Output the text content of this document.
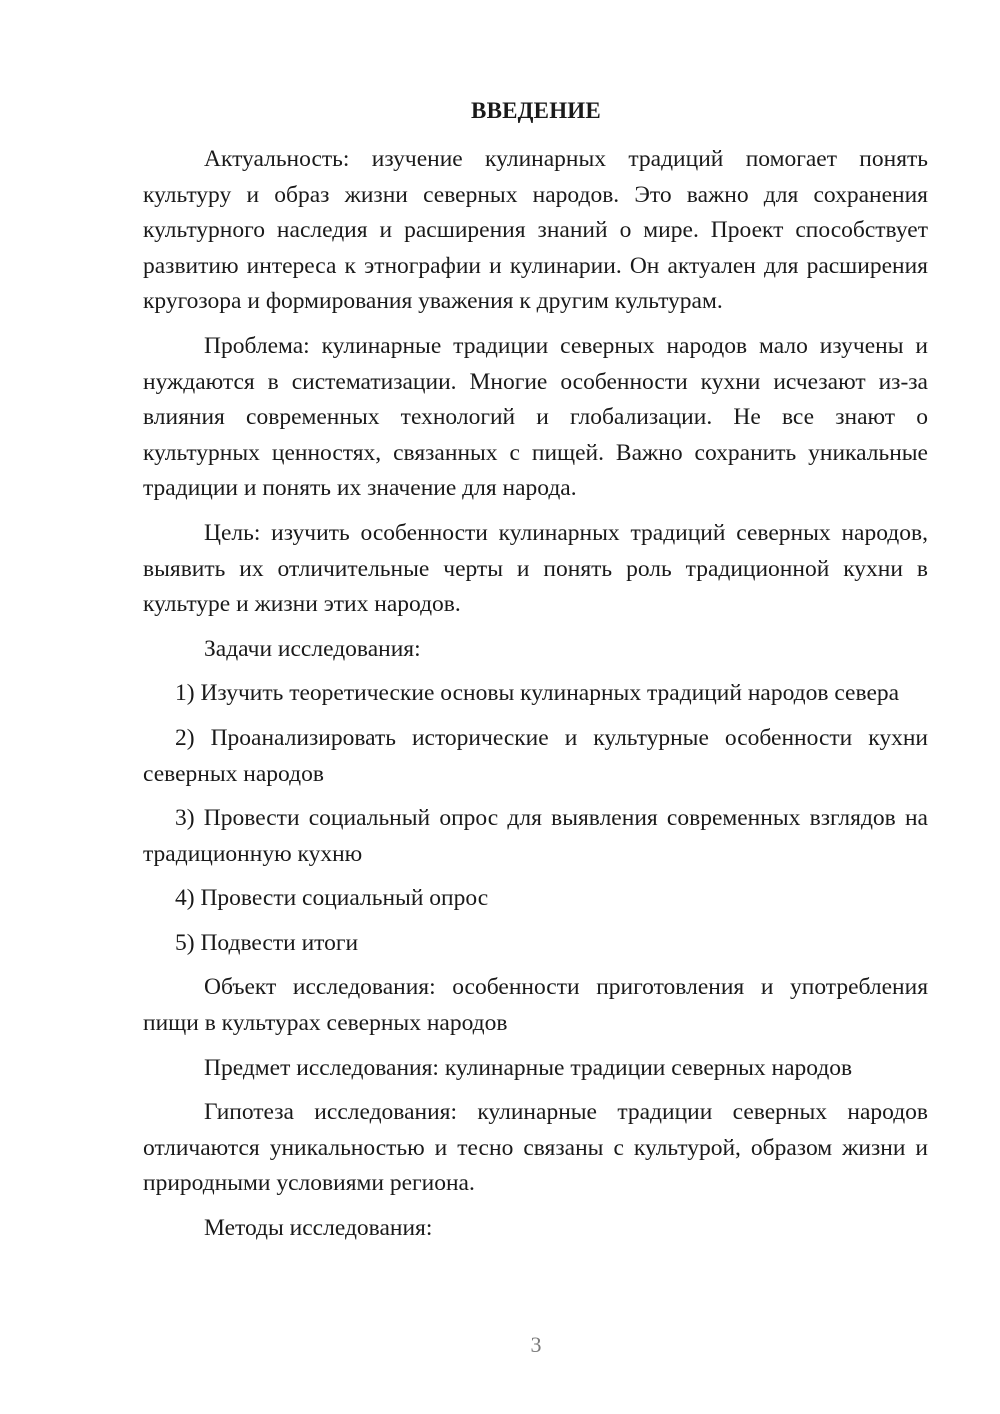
ВВЕДЕНИЕ

Актуальность: изучение кулинарных традиций помогает понять культуру и образ жизни северных народов. Это важно для сохранения культурного наследия и расширения знаний о мире. Проект способствует развитию интереса к этнографии и кулинарии. Он актуален для расширения кругозора и формирования уважения к другим культурам.

Проблема: кулинарные традиции северных народов мало изучены и нуждаются в систематизации. Многие особенности кухни исчезают из-за влияния современных технологий и глобализации. Не все знают о культурных ценностях, связанных с пищей. Важно сохранить уникальные традиции и понять их значение для народа.

Цель: изучить особенности кулинарных традиций северных народов, выявить их отличительные черты и понять роль традиционной кухни в культуре и жизни этих народов.

Задачи исследования:

1) Изучить теоретические основы кулинарных традиций народов севера

2) Проанализировать исторические и культурные особенности кухни северных народов

3) Провести социальный опрос для выявления современных взглядов на традиционную кухню

4) Провести социальный опрос

5) Подвести итоги

Объект исследования: особенности приготовления и употребления пищи в культурах северных народов

Предмет исследования: кулинарные традиции северных народов

Гипотеза исследования: кулинарные традиции северных народов отличаются уникальностью и тесно связаны с культурой, образом жизни и природными условиями региона.

Методы исследования:

3
